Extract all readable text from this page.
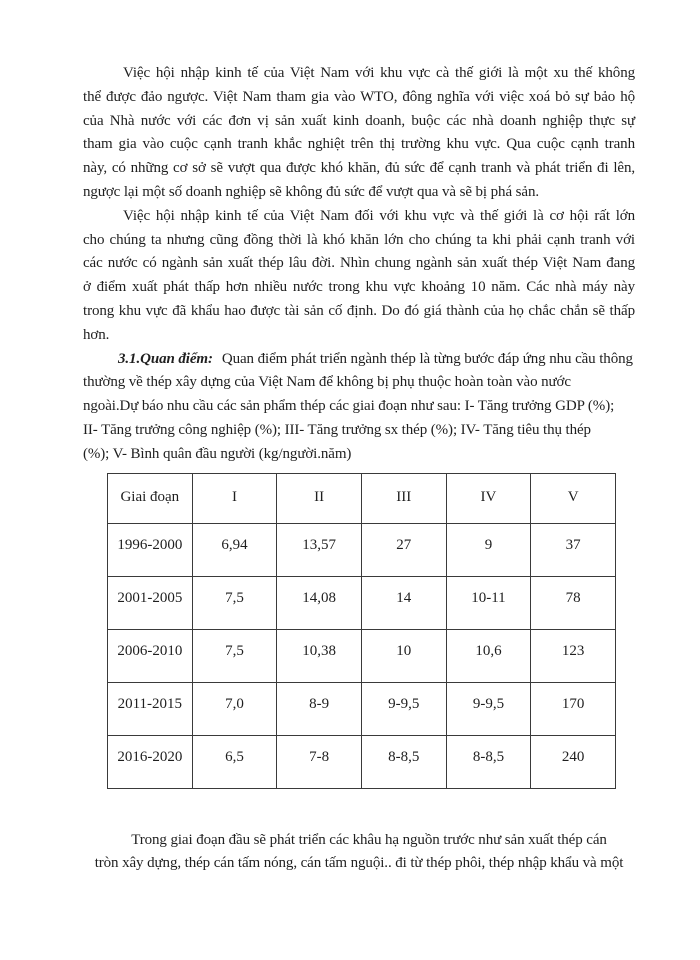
Việc hội nhập kinh tế của Việt Nam với khu vực cà thế giới là một xu thế không
thể được đảo ngược. Việt Nam tham gia vào WTO, đông nghĩa với việc xoá bỏ sự bảo hộ
của Nhà nước với các đơn vị sản xuất kinh doanh, buộc các nhà doanh nghiệp thực sự
tham gia vào cuộc cạnh tranh khắc nghiệt trên thị trường khu vực. Qua cuộc cạnh tranh
này, có những cơ sở sẽ vượt qua được khó khăn, đủ sức để cạnh tranh và phát triển đi lên,
ngược lại một số doanh nghiệp sẽ không đủ sức để vượt qua và sẽ bị phá sản.
Việc hội nhập kinh tế của Việt Nam đối với khu vực và thế giới là cơ hội rất lớn
cho chúng ta nhưng cũng đồng thời là khó khăn lớn cho chúng ta khi phải cạnh tranh với
các nước có ngành sản xuất thép lâu đời. Nhìn chung ngành sản xuất thép Việt Nam đang
ở điểm xuất phát thấp hơn nhiều nước trong khu vực khoảng 10 năm. Các nhà máy này
trong khu vực đã khẩu hao được tài sản cố định. Do đó giá thành của họ chắc chắn sẽ thấp
hơn.
3.1.Quan điểm: Quan điểm phát triển ngành thép là từng bước đáp ứng nhu cầu thông
thường về thép xây dựng của Việt Nam để không bị phụ thuộc hoàn toàn vào nước
ngoài.Dự báo nhu cầu các sản phẩm thép các giai đoạn như sau: I- Tăng trưởng GDP (%);
II- Tăng trưởng công nghiệp (%); III- Tăng trưởng sx thép (%); IV- Tăng tiêu thụ thép
(%); V- Bình quân đầu người (kg/người.năm)
Giai đoạn	I	II	III	IV	V
1996-2000	6,94	13,57	27	9	37
2001-2005	7,5	14,08	14	10-11	78
2006-2010	7,5	10,38	10	10,6	123
2011-2015	7,0	8-9	9-9,5	9-9,5	170
2016-2020	6,5	7-8	8-8,5	8-8,5	240
Trong giai đoạn đầu sẽ phát triển các khâu hạ nguồn trước như sản xuất thép cán
tròn xây dựng, thép cán tấm nóng, cán tấm nguội.. đi từ thép phôi, thép nhập khẩu và một
